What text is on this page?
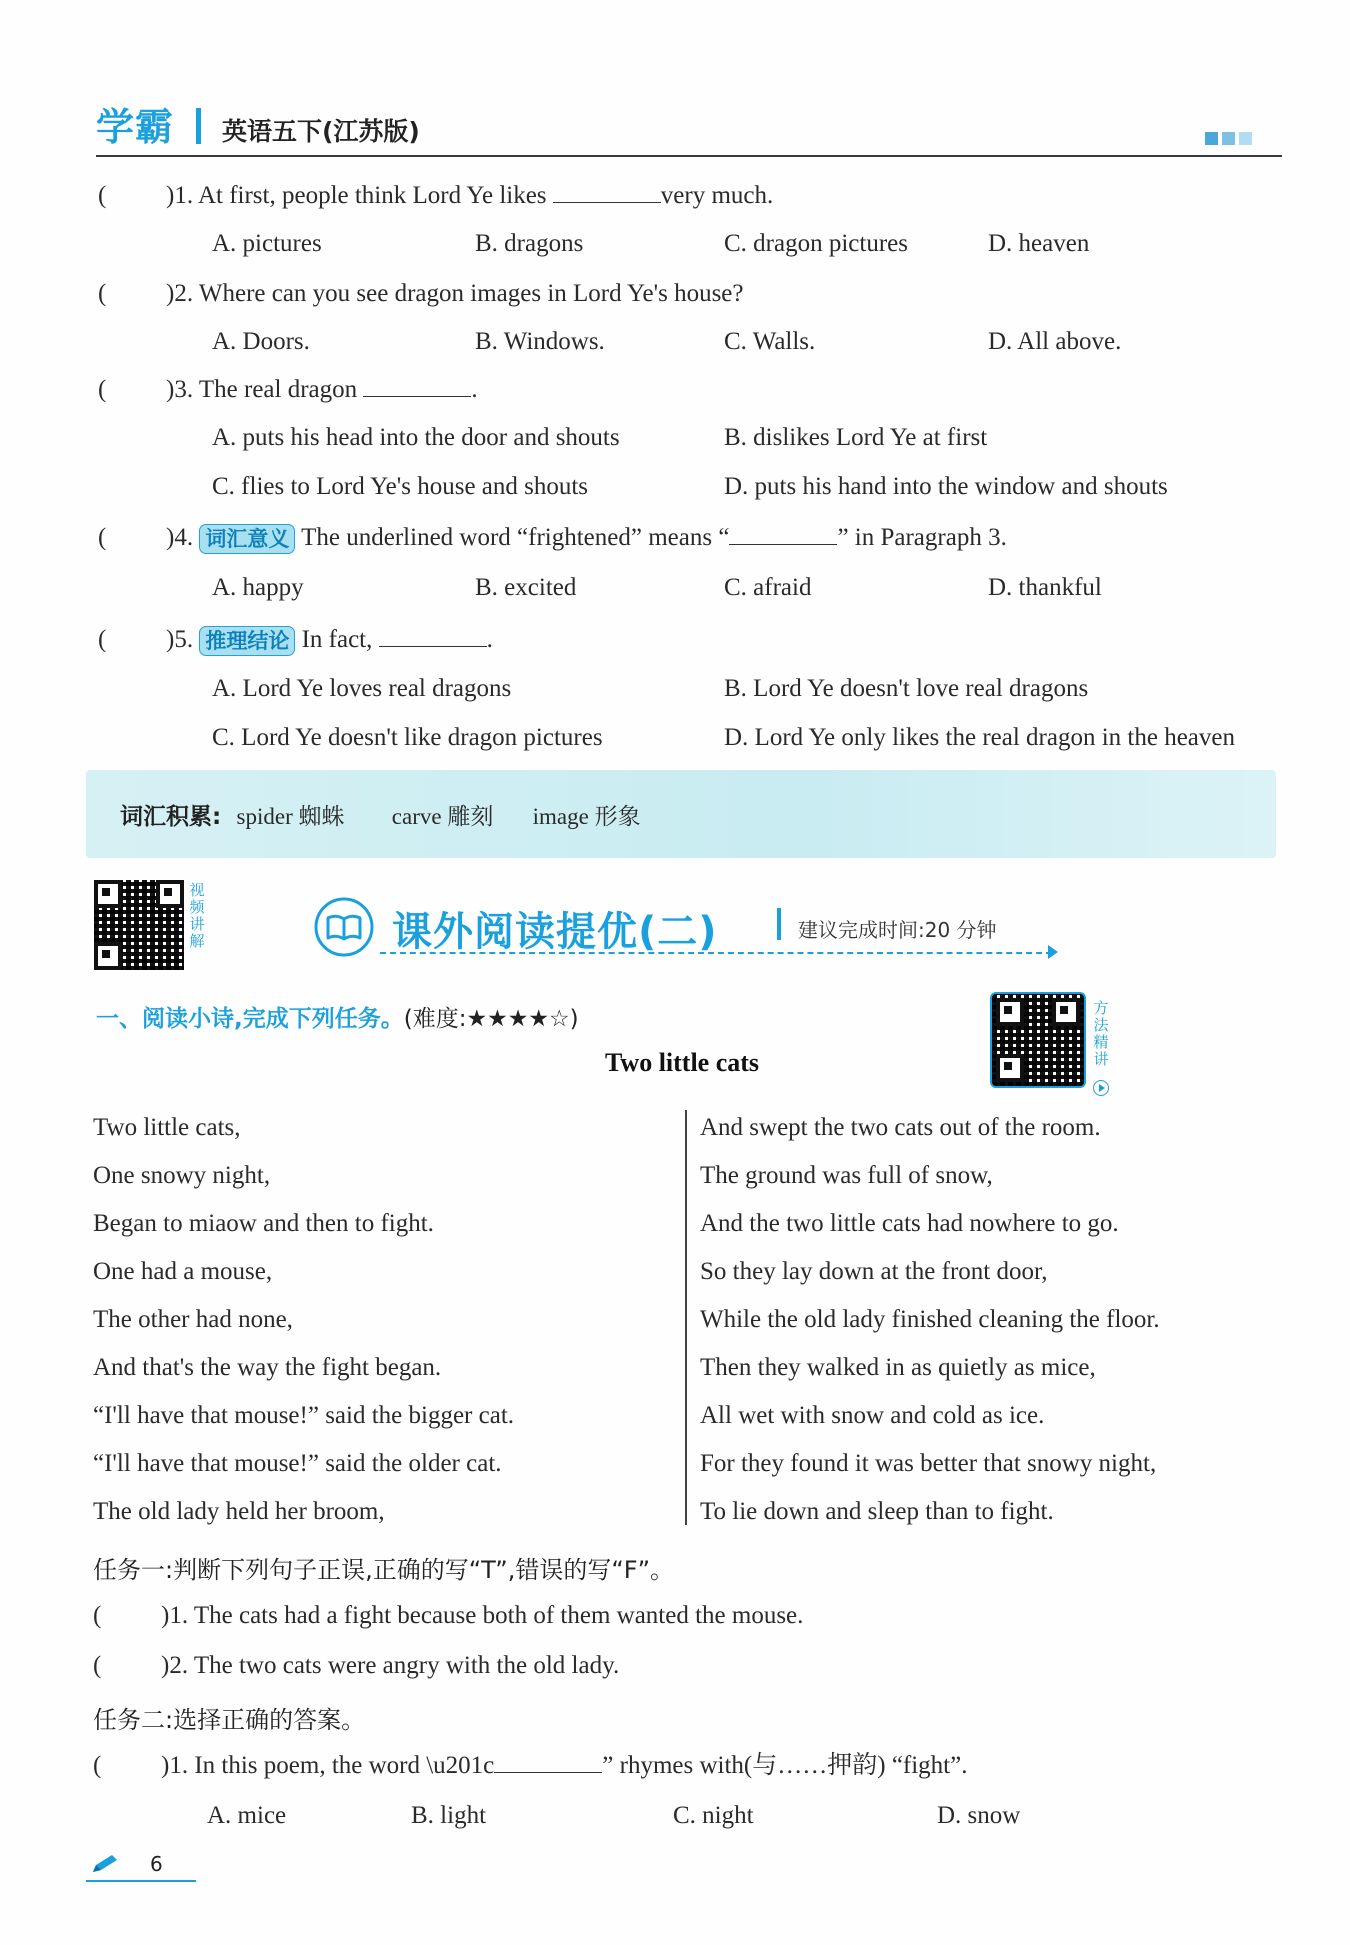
学霸 英语五下(江苏版)
( )1. At first, people think Lord Ye likes	very much.
A. pictures	B. dragons	C. dragon pictures	D. heaven
( )2. Where can you see dragon images in Lord Ye's house?
A. Doors.	B. Windows.	C. Walls.	D. All above.
( )3. The real dragon	.
A. puts his head into the door and shouts	B. dislikes Lord Ye at first
C. flies to Lord Ye's house and shouts	D. puts his hand into the window and shouts
( )4. 词汇意义 The underlined word “frightened” means “	” in Paragraph 3.
A. happy	B. excited	C. afraid	D. thankful
( )5. 推理结论 In fact,	.
A. Lord Ye loves real dragons	B. Lord Ye doesn't love real dragons
C. Lord Ye doesn't like dragon pictures	D. Lord Ye only likes the real dragon in the heaven
词汇积累: spider 蜘蛛 carve 雕刻 image 形象
视频讲解	课外阅读提优(二)	建议完成时间:20 分钟
一、阅读小诗,完成下列任务。(难度:★★★★☆)	方法精讲
Two little cats
Two little cats,
One snowy night,
Began to miaow and then to fight.
One had a mouse,
The other had none,
And that's the way the fight began.
“I'll have that mouse!” said the bigger cat.
“I'll have that mouse!” said the older cat.
The old lady held her broom,
And swept the two cats out of the room.
The ground was full of snow,
And the two little cats had nowhere to go.
So they lay down at the front door,
While the old lady finished cleaning the floor.
Then they walked in as quietly as mice,
All wet with snow and cold as ice.
For they found it was better that snowy night,
To lie down and sleep than to fight.
任务一:判断下列句子正误,正确的写“T”,错误的写“F”。
( )1. The cats had a fight because both of them wanted the mouse.
( )2. The two cats were angry with the old lady.
任务二:选择正确的答案。
( )1. In this poem, the word \u201c	” rhymes with(与……押韵) “fight”.
A. mice	B. light	C. night	D. snow
6
